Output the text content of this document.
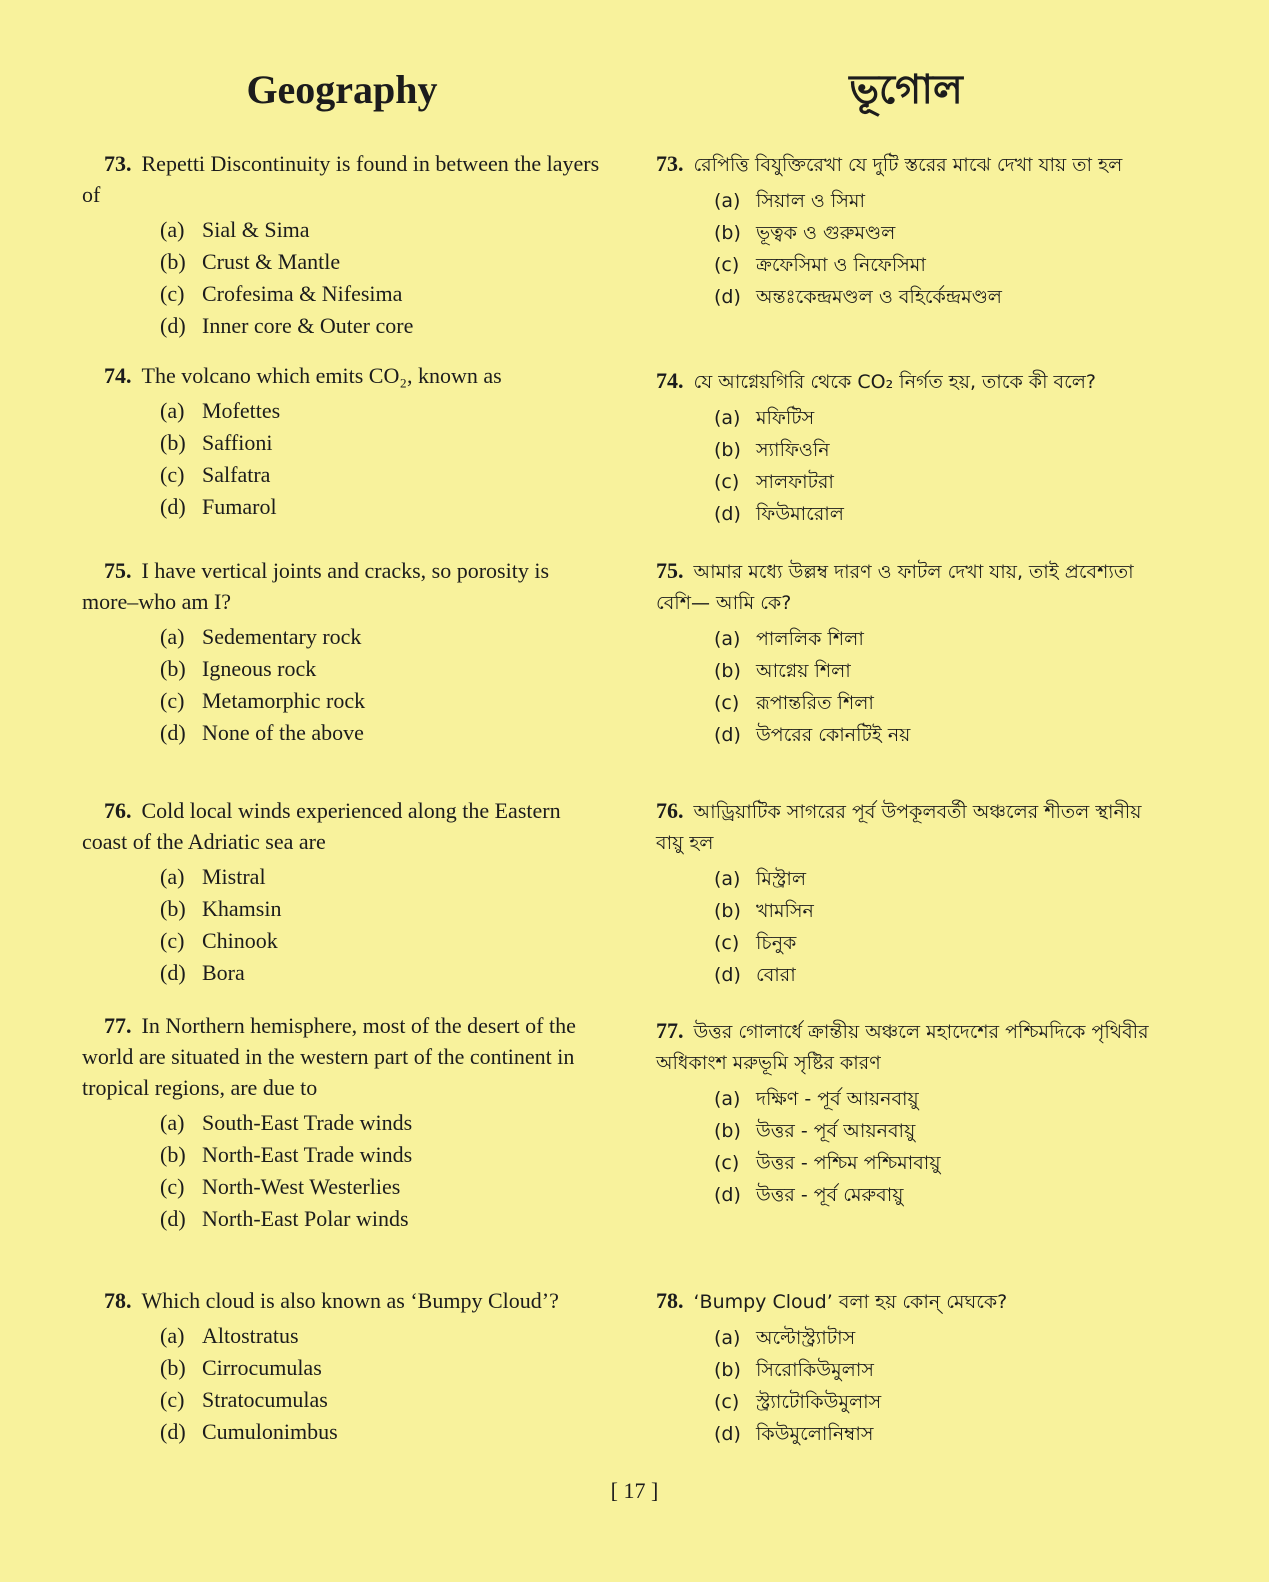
Geography

73. Repetti Discontinuity is found in between the layers of

(a) Sial & Sima
(b) Crust & Mantle
(c) Crofesima & Nifesima
(d) Inner core & Outer core

74. The volcano which emits CO₂, known as

(a) Mofettes
(b) Saffioni
(c) Salfatra
(d) Fumarol

75. I have vertical joints and cracks, so porosity is more–who am I?

(a) Sedementary rock
(b) Igneous rock
(c) Metamorphic rock
(d) None of the above

76. Cold local winds experienced along the Eastern coast of the Adriatic sea are

(a) Mistral
(b) Khamsin
(c) Chinook
(d) Bora

77. In Northern hemisphere, most of the desert of the world are situated in the western part of the continent in tropical regions, are due to

(a) South-East Trade winds
(b) North-East Trade winds
(c) North-West Westerlies
(d) North-East Polar winds

78. Which cloud is also known as ‘Bumpy Cloud’?

(a) Altostratus
(b) Cirrocumulas
(c) Stratocumulas
(d) Cumulonimbus
ভূগোল

73. রেপিত্তি বিযুক্তিরেখা যে দুটি স্তরের মাঝে দেখা যায় তা হল

(a) সিয়াল ও সিমা
(b) ভূত্বক ও গুরুমণ্ডল
(c) ক্রফেসিমা ও নিফেসিমা
(d) অন্তঃকেন্দ্রমণ্ডল ও বহির্কেন্দ্রমণ্ডল

74. যে আগ্নেয়গিরি থেকে CO₂ নির্গত হয়, তাকে কী বলে?

(a) মফিটিস
(b) স্যাফিওনি
(c) সালফাটরা
(d) ফিউমারোল

75. আমার মধ্যে উল্লম্ব দারণ ও ফাটল দেখা যায়, তাই প্রবেশ্যতা বেশি— আমি কে?

(a) পাললিক শিলা
(b) আগ্নেয় শিলা
(c) রূপান্তরিত শিলা
(d) উপরের কোনটিই নয়

76. আড্রিয়াটিক সাগরের পূর্ব উপকূলবর্তী অঞ্চলের শীতল স্থানীয় বায়ু হল

(a) মিস্ট্রাল
(b) খামসিন
(c) চিনুক
(d) বোরা

77. উত্তর গোলার্ধে ক্রান্তীয় অঞ্চলে মহাদেশের পশ্চিমদিকে পৃথিবীর অধিকাংশ মরুভূমি সৃষ্টির কারণ

(a) দক্ষিণ - পূর্ব আয়নবায়ু
(b) উত্তর - পূর্ব আয়নবায়ু
(c) উত্তর - পশ্চিম পশ্চিমাবায়ু
(d) উত্তর - পূর্ব মেরুবায়ু

78. ‘Bumpy Cloud’ বলা হয় কোন্ মেঘকে?

(a) অল্টোস্ট্র্যাটাস
(b) সিরোকিউমুলাস
(c) স্ট্র্যাটোকিউমুলাস
(d) কিউমুলোনিম্বাস
[ 17 ]
